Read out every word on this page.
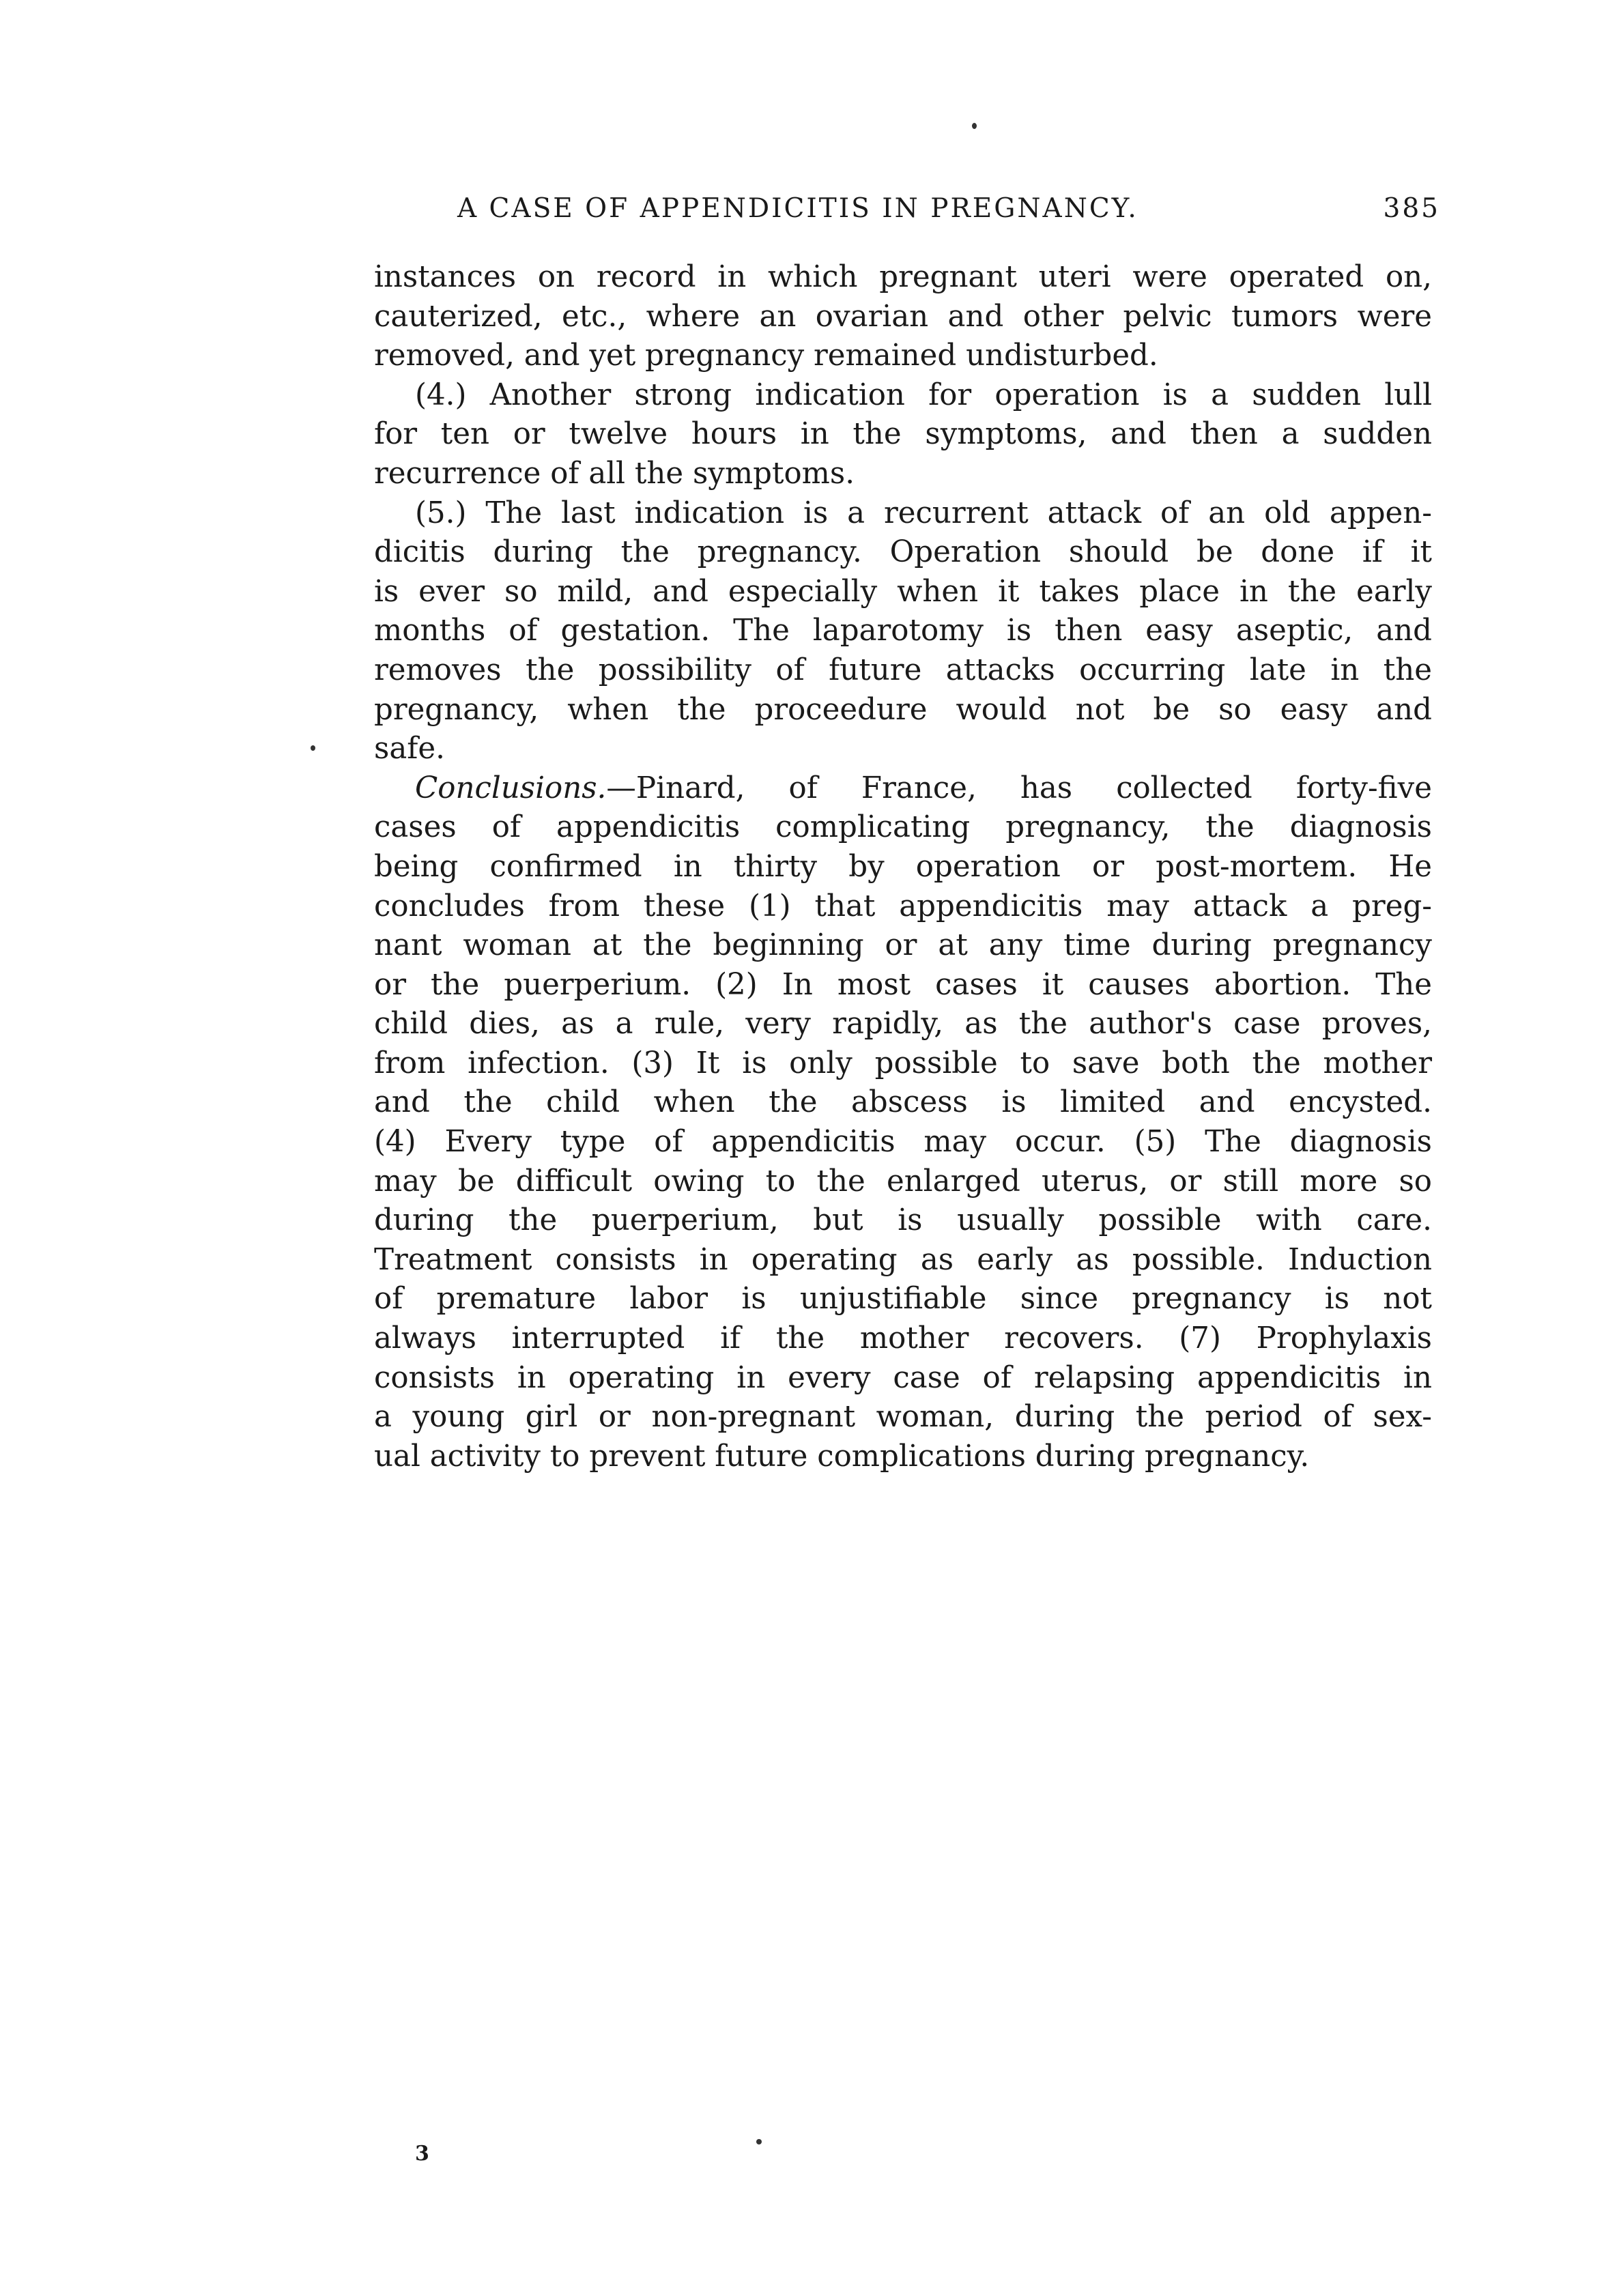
A CASE OF APPENDICITIS IN PREGNANCY.	385
instances on record in which pregnant uteri were operated on,
cauterized, etc., where an ovarian and other pelvic tumors were
removed, and yet pregnancy remained undisturbed.
(4.) Another strong indication for operation is a sudden lull
for ten or twelve hours in the symptoms, and then a sudden
recurrence of all the symptoms.
(5.) The last indication is a recurrent attack of an old appen-
dicitis during the pregnancy. Operation should be done if it
is ever so mild, and especially when it takes place in the early
months of gestation. The laparotomy is then easy aseptic, and
removes the possibility of future attacks occurring late in the
pregnancy, when the proceedure would not be so easy and
safe.
Conclusions.—Pinard, of France, has collected forty-five
cases of appendicitis complicating pregnancy, the diagnosis
being confirmed in thirty by operation or post-mortem. He
concludes from these (1) that appendicitis may attack a preg-
nant woman at the beginning or at any time during pregnancy
or the puerperium. (2) In most cases it causes abortion. The
child dies, as a rule, very rapidly, as the author's case proves,
from infection. (3) It is only possible to save both the mother
and the child when the abscess is limited and encysted.
(4) Every type of appendicitis may occur. (5) The diagnosis
may be difficult owing to the enlarged uterus, or still more so
during the puerperium, but is usually possible with care.
Treatment consists in operating as early as possible. Induction
of premature labor is unjustifiable since pregnancy is not
always interrupted if the mother recovers. (7) Prophylaxis
consists in operating in every case of relapsing appendicitis in
a young girl or non-pregnant woman, during the period of sex-
ual activity to prevent future complications during pregnancy.
3
